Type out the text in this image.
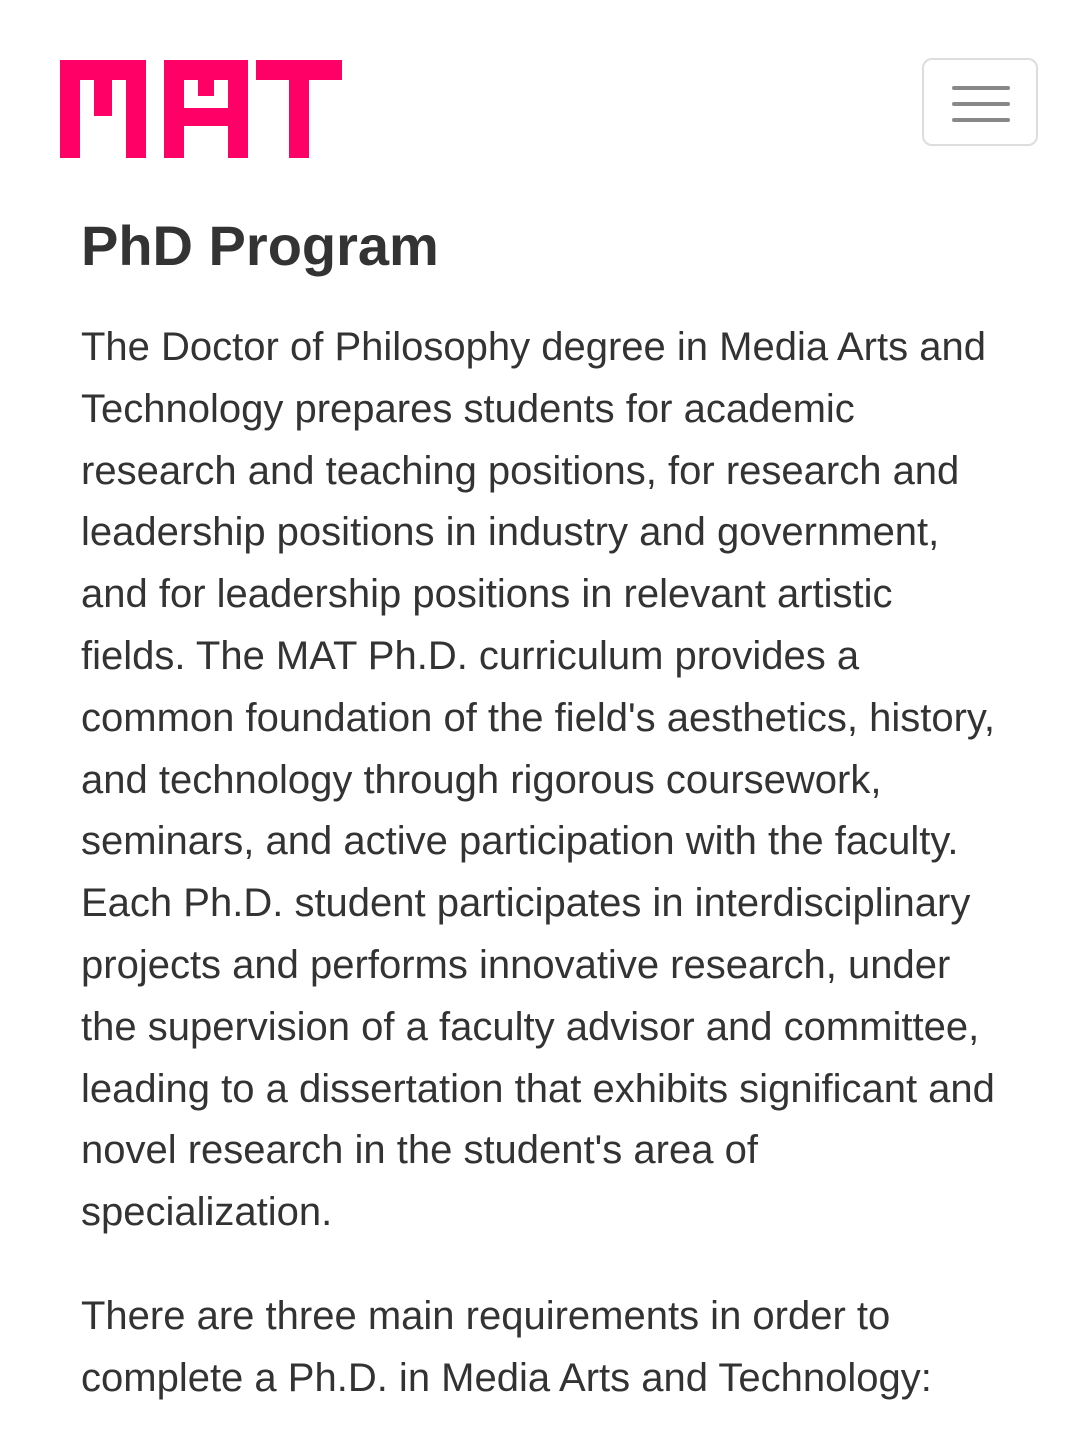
PhD Program

The Doctor of Philosophy degree in Media Arts and Technology prepares students for academic research and teaching positions, for research and leadership positions in industry and government, and for leadership positions in relevant artistic fields. The MAT Ph.D. curriculum provides a common foundation of the field's aesthetics, history, and technology through rigorous coursework, seminars, and active participation with the faculty. Each Ph.D. student participates in interdisciplinary projects and performs innovative research, under the supervision of a faculty advisor and committee, leading to a dissertation that exhibits significant and novel research in the student's area of specialization.

There are three main requirements in order to complete a Ph.D. in Media Arts and Technology:
